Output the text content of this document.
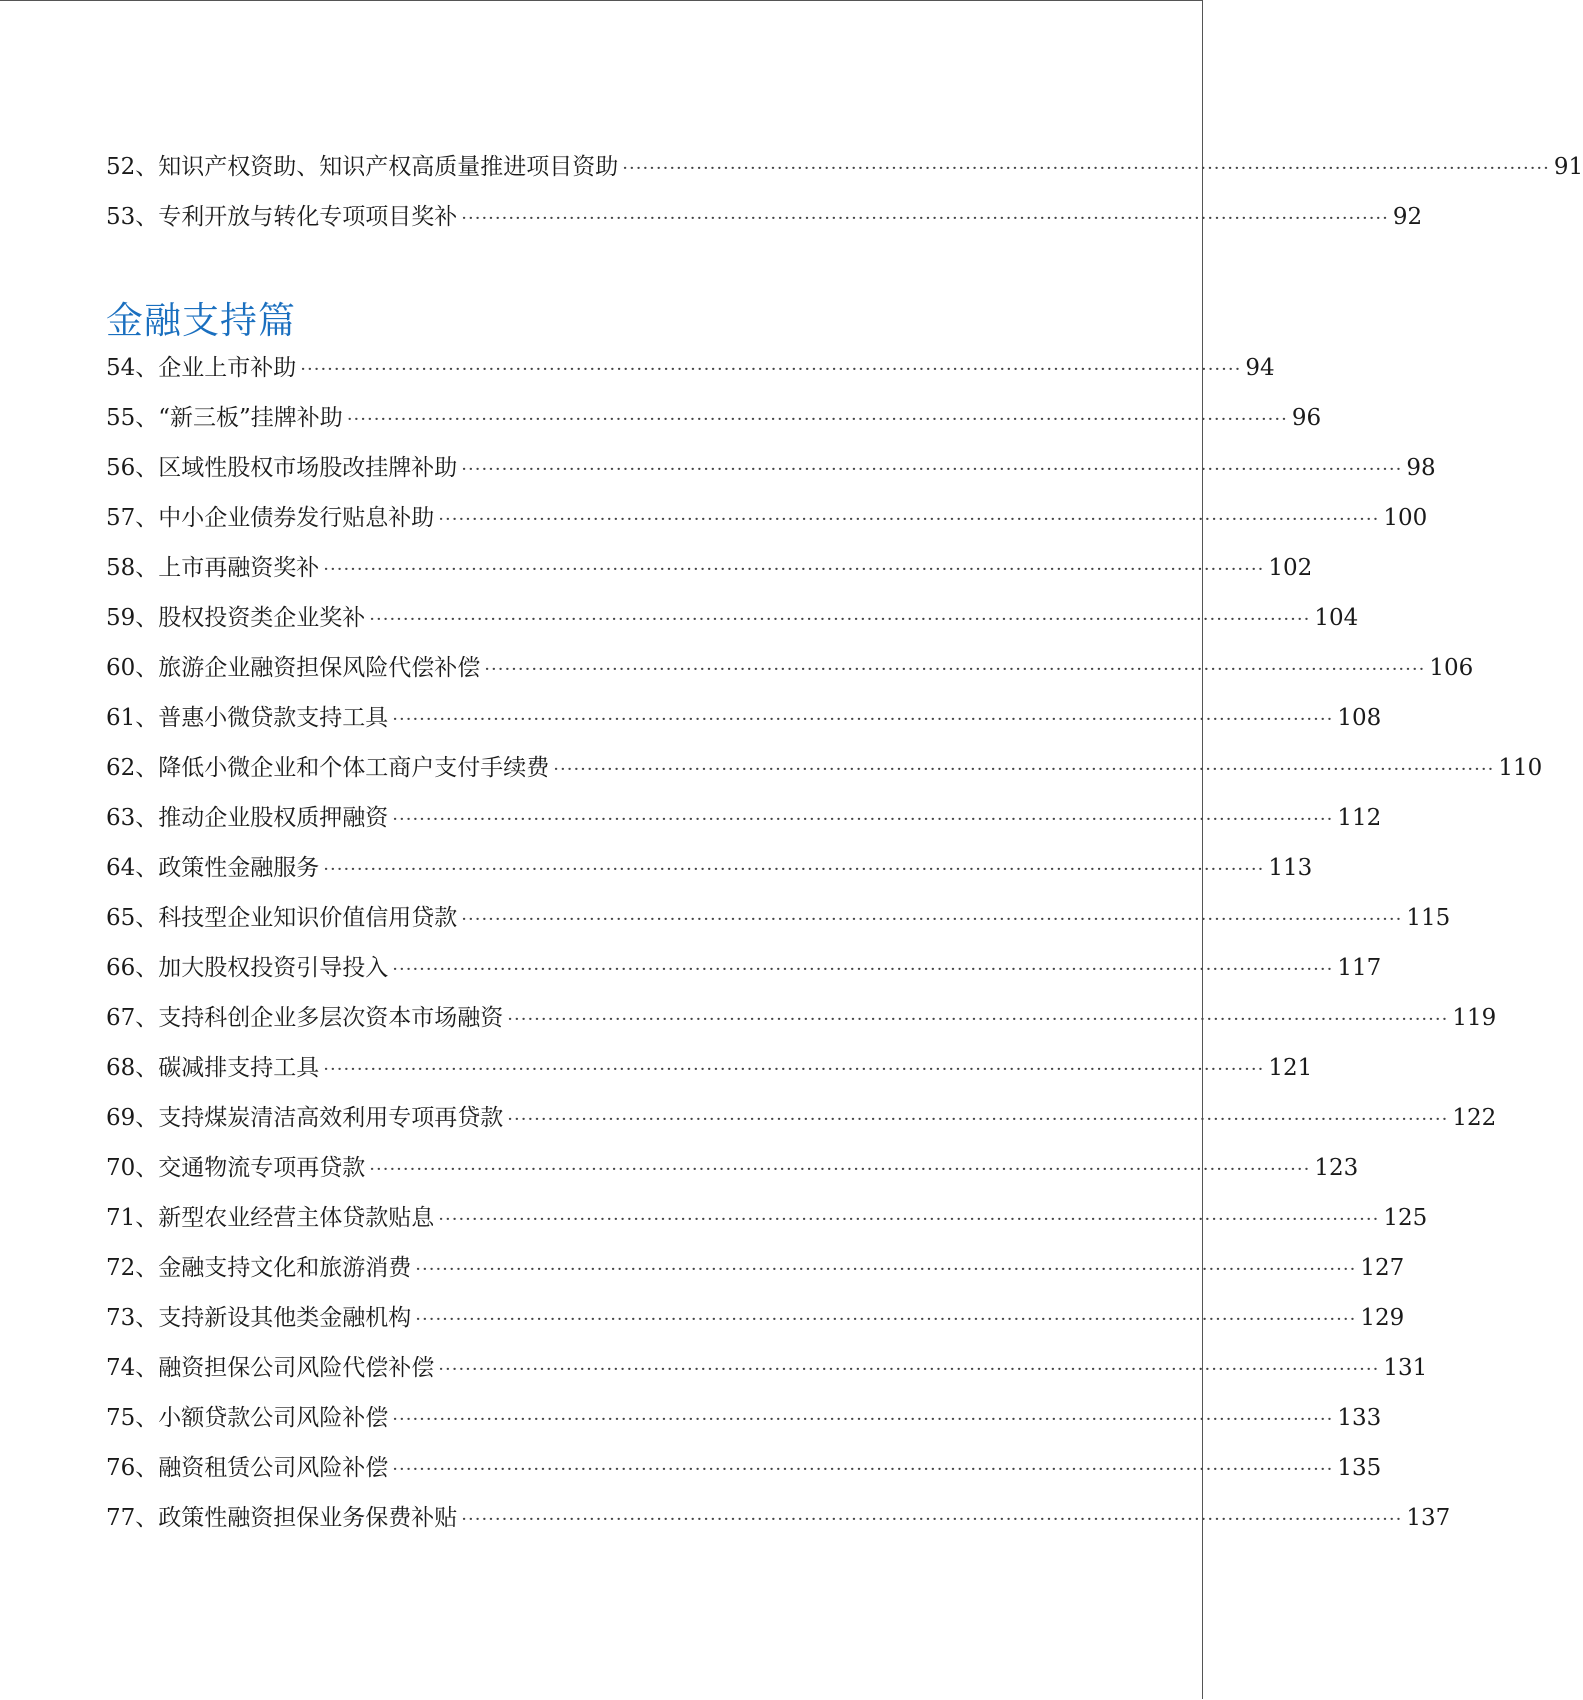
52、 知识产权资助、知识产权高质量推进项目资助 ·········································································································································· 91
53、 专利开放与转化专项项目奖补 ·········································································································································· 92
金融支持篇
54、 企业上市补助 ············································································································································ 94
55、 “新三板”挂牌补助 ············································································································································ 96
56、 区域性股权市场股改挂牌补助 ············································································································································ 98
57、 中小企业债券发行贴息补助 ············································································································································ 100
58、 上市再融资奖补 ············································································································································ 102
59、 股权投资类企业奖补 ············································································································································ 104
60、 旅游企业融资担保风险代偿补偿 ············································································································································ 106
61、 普惠小微贷款支持工具 ············································································································································ 108
62、 降低小微企业和个体工商户支付手续费 ············································································································································ 110
63、 推动企业股权质押融资 ············································································································································ 112
64、 政策性金融服务 ············································································································································ 113
65、 科技型企业知识价值信用贷款 ············································································································································ 115
66、 加大股权投资引导投入 ············································································································································ 117
67、 支持科创企业多层次资本市场融资 ············································································································································ 119
68、 碳减排支持工具 ············································································································································ 121
69、 支持煤炭清洁高效利用专项再贷款 ············································································································································ 122
70、 交通物流专项再贷款 ············································································································································ 123
71、 新型农业经营主体贷款贴息 ············································································································································ 125
72、 金融支持文化和旅游消费 ············································································································································ 127
73、 支持新设其他类金融机构 ············································································································································ 129
74、 融资担保公司风险代偿补偿 ············································································································································ 131
75、 小额贷款公司风险补偿 ············································································································································ 133
76、 融资租赁公司风险补偿 ············································································································································ 135
77、 政策性融资担保业务保费补贴 ············································································································································ 137
